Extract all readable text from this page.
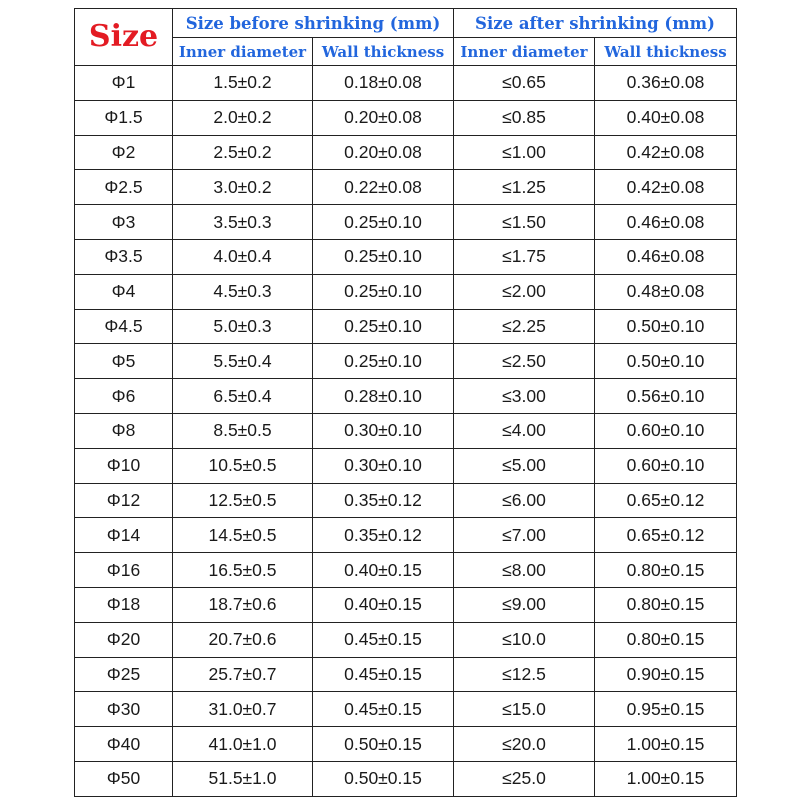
Size	Size before shrinking (mm)		Size after shrinking (mm)	
	Inner diameter	Wall thickness	Inner diameter	Wall thickness
Φ1	1.5±0.2	0.18±0.08	≤0.65	0.36±0.08
Φ1.5	2.0±0.2	0.20±0.08	≤0.85	0.40±0.08
Φ2	2.5±0.2	0.20±0.08	≤1.00	0.42±0.08
Φ2.5	3.0±0.2	0.22±0.08	≤1.25	0.42±0.08
Φ3	3.5±0.3	0.25±0.10	≤1.50	0.46±0.08
Φ3.5	4.0±0.4	0.25±0.10	≤1.75	0.46±0.08
Φ4	4.5±0.3	0.25±0.10	≤2.00	0.48±0.08
Φ4.5	5.0±0.3	0.25±0.10	≤2.25	0.50±0.10
Φ5	5.5±0.4	0.25±0.10	≤2.50	0.50±0.10
Φ6	6.5±0.4	0.28±0.10	≤3.00	0.56±0.10
Φ8	8.5±0.5	0.30±0.10	≤4.00	0.60±0.10
Φ10	10.5±0.5	0.30±0.10	≤5.00	0.60±0.10
Φ12	12.5±0.5	0.35±0.12	≤6.00	0.65±0.12
Φ14	14.5±0.5	0.35±0.12	≤7.00	0.65±0.12
Φ16	16.5±0.5	0.40±0.15	≤8.00	0.80±0.15
Φ18	18.7±0.6	0.40±0.15	≤9.00	0.80±0.15
Φ20	20.7±0.6	0.45±0.15	≤10.0	0.80±0.15
Φ25	25.7±0.7	0.45±0.15	≤12.5	0.90±0.15
Φ30	31.0±0.7	0.45±0.15	≤15.0	0.95±0.15
Φ40	41.0±1.0	0.50±0.15	≤20.0	1.00±0.15
Φ50	51.5±1.0	0.50±0.15	≤25.0	1.00±0.15
